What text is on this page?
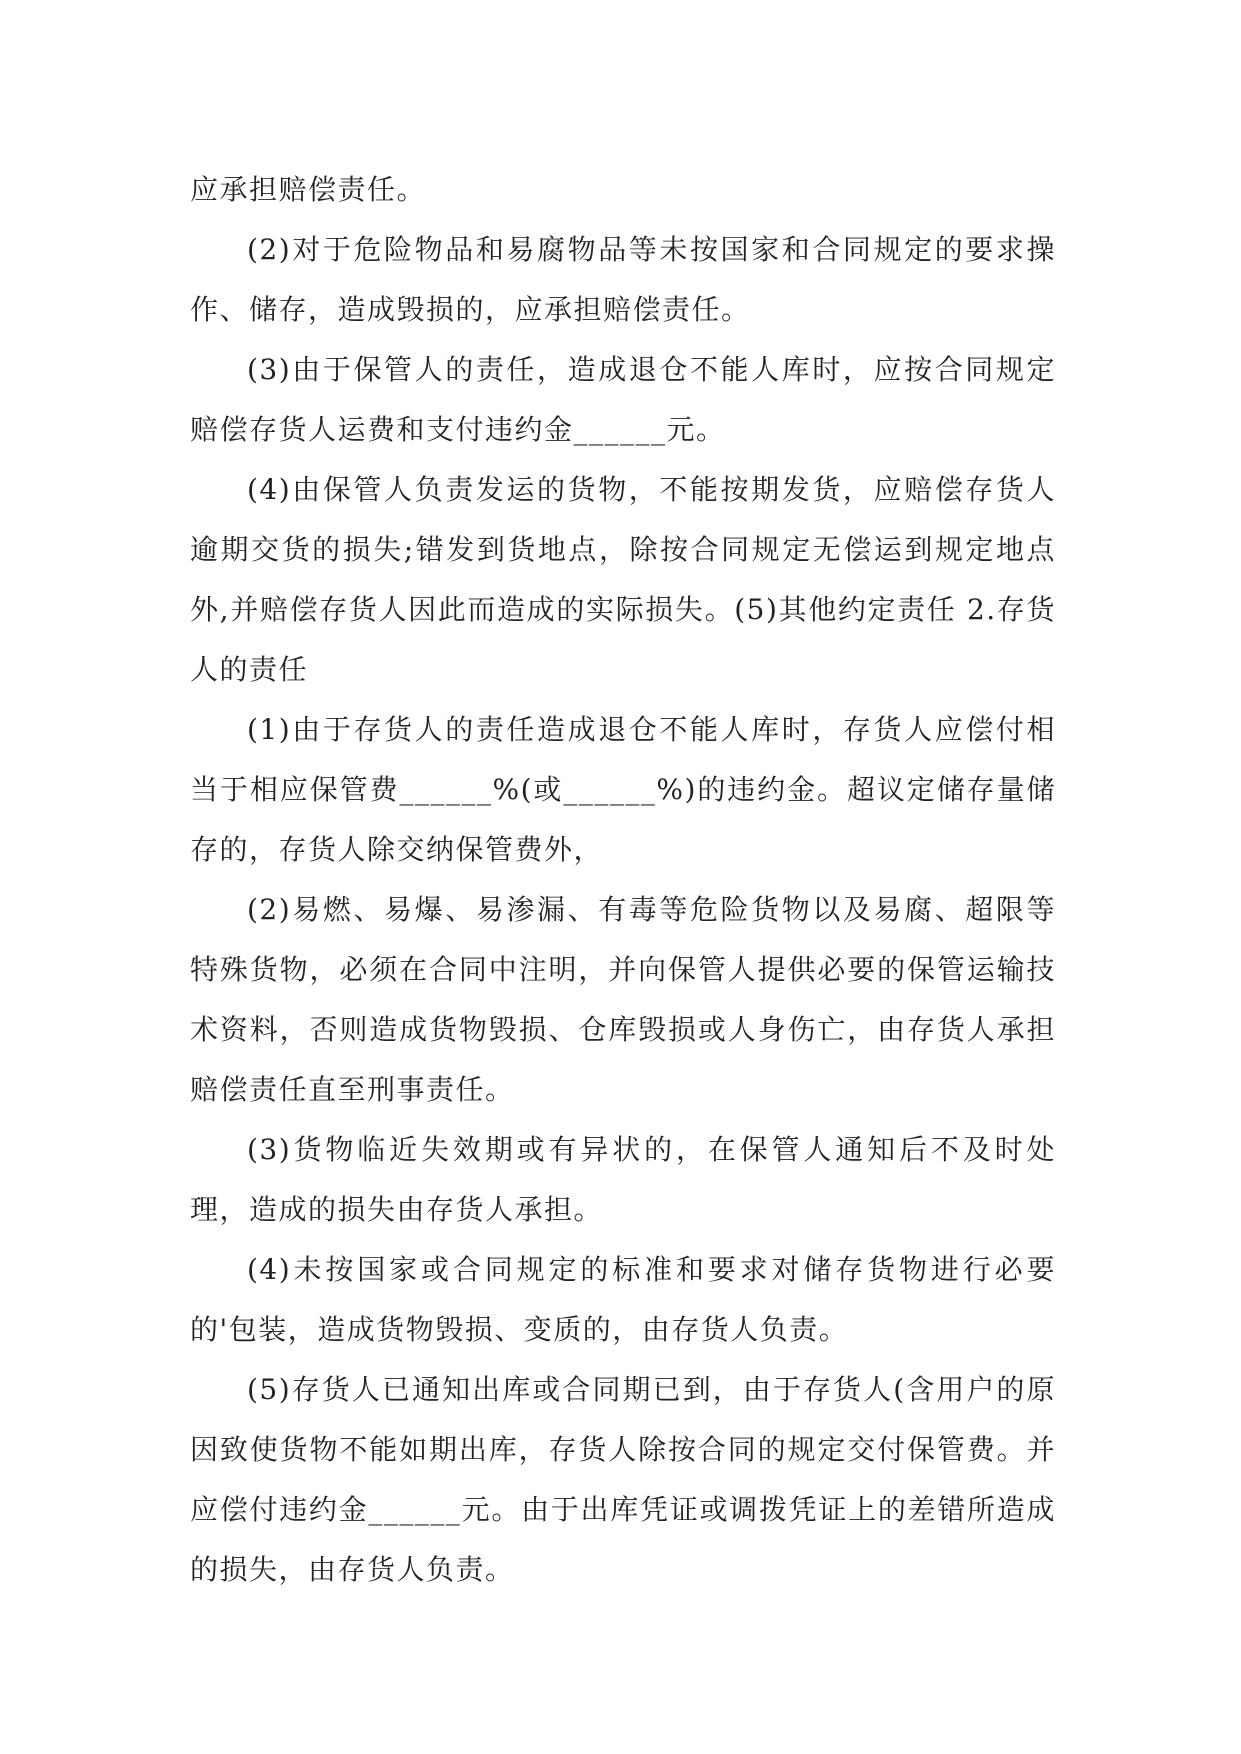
应承担赔偿责任。

(2)对于危险物品和易腐物品等未按国家和合同规定的要求操作、储存，造成毁损的，应承担赔偿责任。

(3)由于保管人的责任，造成退仓不能人库时，应按合同规定赔偿存货人运费和支付违约金______元。

(4)由保管人负责发运的货物，不能按期发货，应赔偿存货人逾期交货的损失;错发到货地点，除按合同规定无偿运到规定地点外,并赔偿存货人因此而造成的实际损失。(5)其他约定责任 2.存货人的责任

(1)由于存货人的责任造成退仓不能人库时，存货人应偿付相当于相应保管费______%(或______%)的违约金。超议定储存量储存的，存货人除交纳保管费外，

(2)易燃、易爆、易渗漏、有毒等危险货物以及易腐、超限等特殊货物，必须在合同中注明，并向保管人提供必要的保管运输技术资料，否则造成货物毁损、仓库毁损或人身伤亡，由存货人承担赔偿责任直至刑事责任。

(3)货物临近失效期或有异状的，在保管人通知后不及时处理，造成的损失由存货人承担。

(4)未按国家或合同规定的标准和要求对储存货物进行必要的'包装，造成货物毁损、变质的，由存货人负责。

(5)存货人已通知出库或合同期已到，由于存货人(含用户的原因致使货物不能如期出库，存货人除按合同的规定交付保管费。并应偿付违约金______元。由于出库凭证或调拨凭证上的差错所造成的损失，由存货人负责。
